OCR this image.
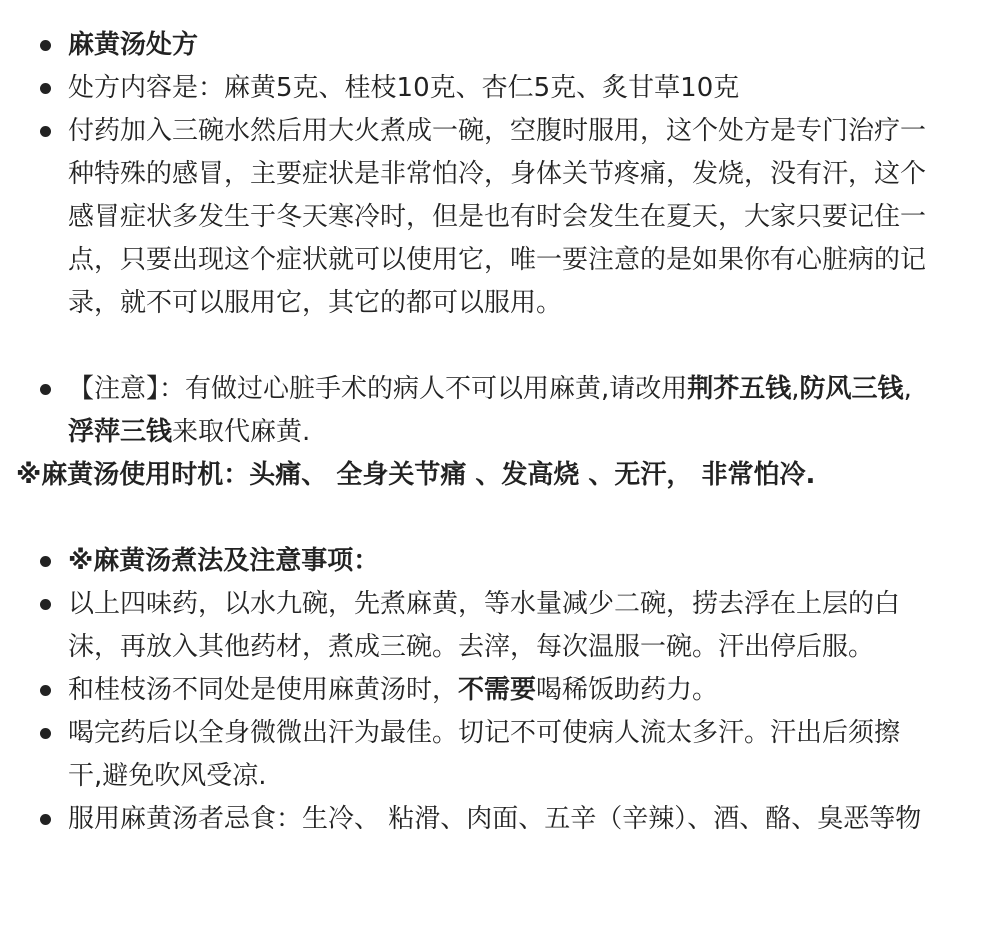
麻黄汤处方
处方内容是：麻黄5克、桂枝10克、杏仁5克、炙甘草10克
付药加入三碗水然后用大火煮成一碗，空腹时服用，这个处方是专门治疗一种特殊的感冒，主要症状是非常怕冷，身体关节疼痛，发烧，没有汗，这个感冒症状多发生于冬天寒冷时，但是也有时会发生在夏天，大家只要记住一点，只要出现这个症状就可以使用它，唯一要注意的是如果你有心脏病的记录，就不可以服用它，其它的都可以服用。
【注意】：有做过心脏手术的病人不可以用麻黄,请改用荆芥五钱,防风三钱,浮萍三钱来取代麻黄.
※麻黄汤使用时机：头痛、 全身关节痛 、发高烧 、无汗， 非常怕冷.
※麻黄汤煮法及注意事项：
以上四味药，以水九碗，先煮麻黄，等水量减少二碗，捞去浮在上层的白沫，再放入其他药材，煮成三碗。去滓，每次温服一碗。汗出停后服。
和桂枝汤不同处是使用麻黄汤时，不需要喝稀饭助药力。
喝完药后以全身微微出汗为最佳。切记不可使病人流太多汗。汗出后须擦干,避免吹风受凉.
服用麻黄汤者忌食：生冷、 粘滑、肉面、五辛（辛辣）、酒、酪、臭恶等物
